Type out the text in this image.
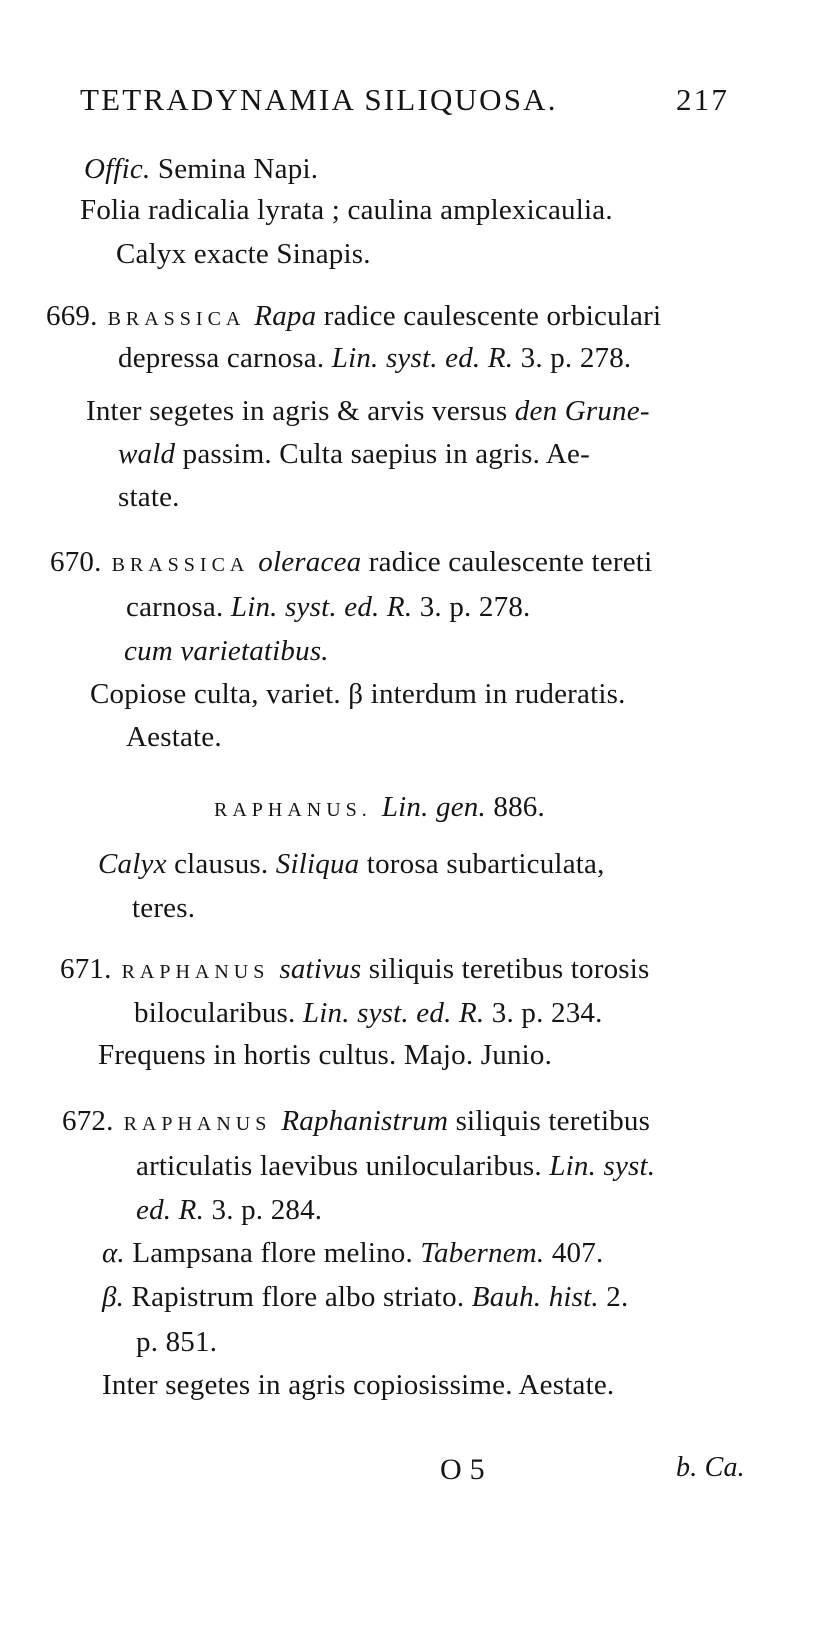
TETRADYNAMIA SILIQUOSA.	217
Offic. Semina Napi.
Folia radicalia lyrata ; caulina amplexicaulia.
Calyx exacte Sinapis.
669. BRASSICA Rapa radice caulescente orbiculari
depressa carnosa. Lin. syst. ed. R. 3. p. 278.
Inter segetes in agris & arvis versus den Grune-
wald passim. Culta saepius in agris. Ae-
state.
670. BRASSICA oleracea radice caulescente tereti
carnosa. Lin. syst. ed. R. 3. p. 278.
cum varietatibus.
Copiose culta, variet. β interdum in ruderatis.
Aestate.
RAPHANUS. Lin. gen. 886.
Calyx clausus. Siliqua torosa subarticulata,
teres.
671. RAPHANUS sativus siliquis teretibus torosis
bilocularibus. Lin. syst. ed. R. 3. p. 234.
Frequens in hortis cultus. Majo. Junio.
672. RAPHANUS Raphanistrum siliquis teretibus
articulatis laevibus unilocularibus. Lin. syst.
ed. R. 3. p. 284.
α. Lampsana flore melino. Tabernem. 407.
β. Rapistrum flore albo striato. Bauh. hist. 2.
p. 851.
Inter segetes in agris copiosissime. Aestate.
O 5	b. Ca.
